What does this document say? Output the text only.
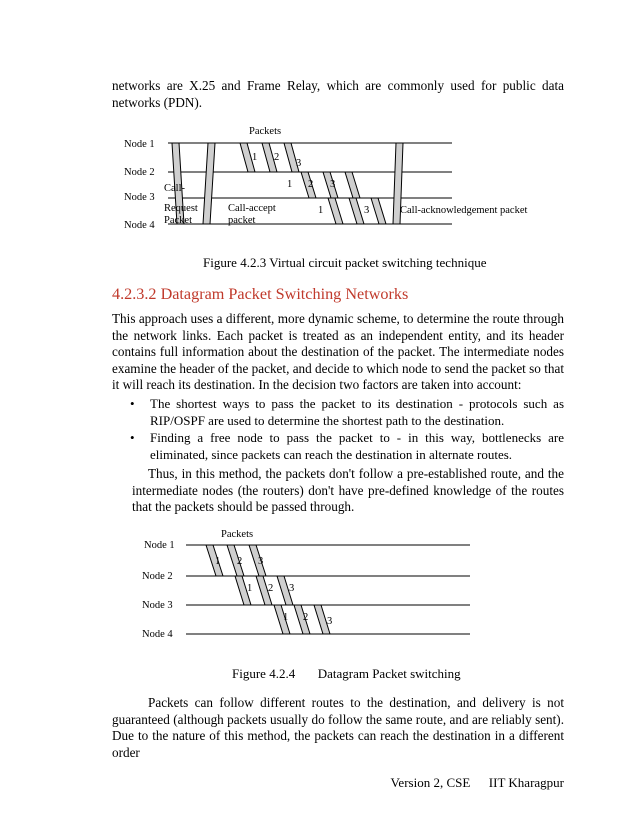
networks are X.25 and Frame Relay, which are commonly used for public data networks (PDN).

Packets
Node 1
Node 2
Node 3
Node 4
Call-
Request
Packet
Call-accept
packet
Call-acknowledgement packet
1 2
3
1 2 3
1	3
Figure 4.2.3 Virtual circuit packet switching technique
4.2.3.2 Datagram Packet Switching Networks

This approach uses a different, more dynamic scheme, to determine the route through the network links. Each packet is treated as an independent entity, and its header contains full information about the destination of the packet. The intermediate nodes examine the header of the packet, and decide to which node to send the packet so that it will reach its destination. In the decision two factors are taken into account:

• The shortest ways to pass the packet to its destination - protocols such as RIP/OSPF are used to determine the shortest path to the destination.
• Finding a free node to pass the packet to - in this way, bottlenecks are eliminated, since packets can reach the destination in alternate routes.

Thus, in this method, the packets don't follow a pre-established route, and the intermediate nodes (the routers) don't have pre-defined knowledge of the routes that the packets should be passed through.

Packets
Node 1
Node 2
Node 3
Node 4
1 2 3
1 2 3
1 2 3
Figure 4.2.4 Datagram Packet switching

Packets can follow different routes to the destination, and delivery is not guaranteed (although packets usually do follow the same route, and are reliably sent). Due to the nature of this method, the packets can reach the destination in a different order

Version 2, CSE IIT Kharagpur
